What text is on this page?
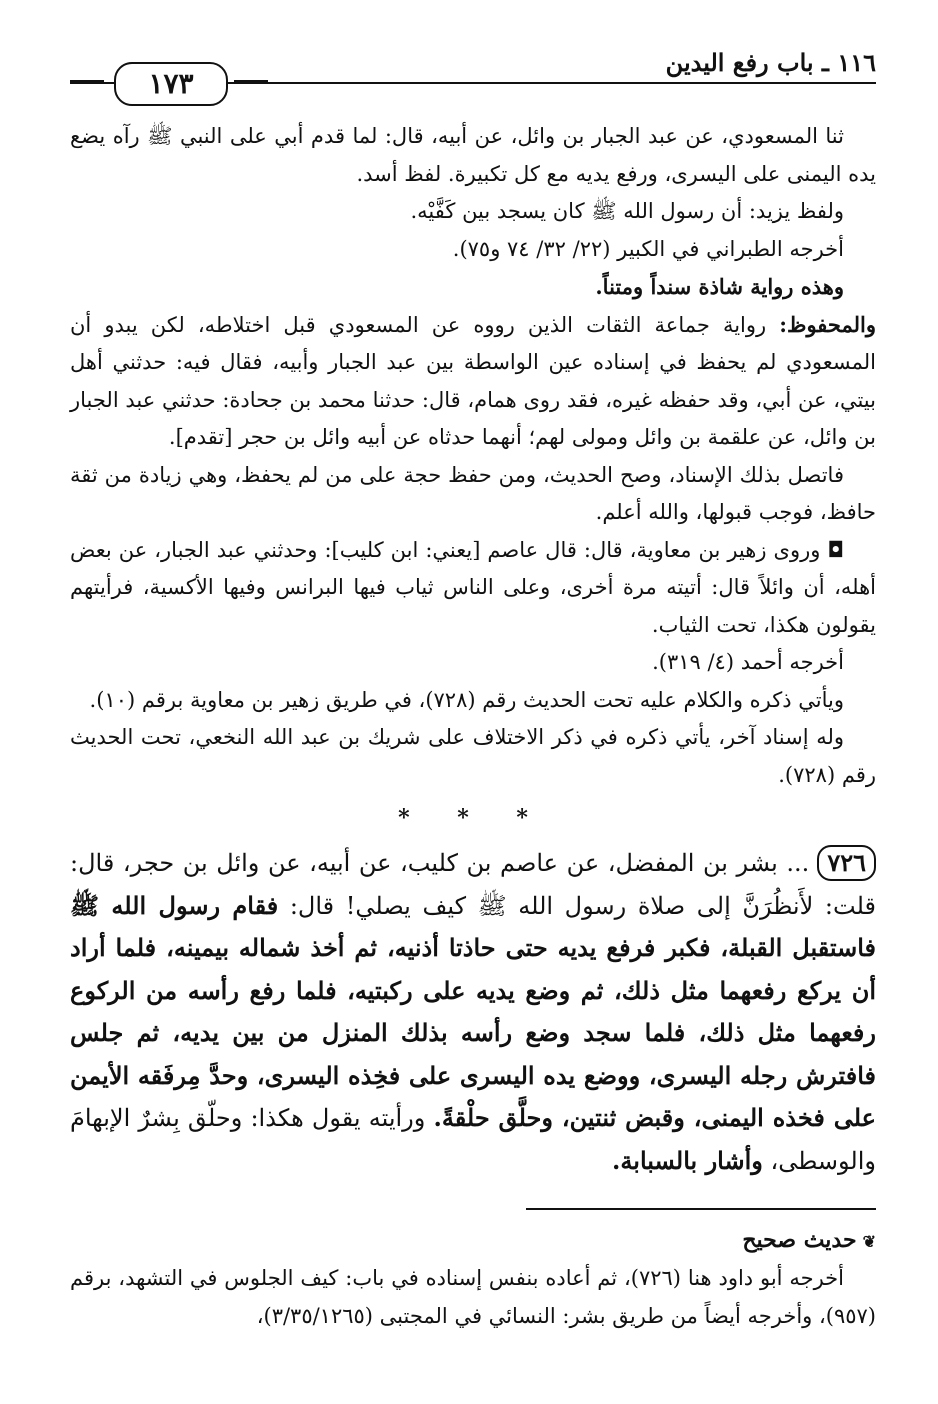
١١٦ ـ باب رفع اليدين
١٧٣

ثنا المسعودي، عن عبد الجبار بن وائل، عن أبيه، قال: لما قدم أبي على النبي ﷺ رآه يضع يده اليمنى على اليسرى، ورفع يديه مع كل تكبيرة. لفظ أسد.

ولفظ يزيد: أن رسول الله ﷺ كان يسجد بين كَفَّيْه.

أخرجه الطبراني في الكبير (٢٢/ ٣٢/ ٧٤ و٧٥).

وهذه رواية شاذة سنداً ومتناً.

والمحفوظ: رواية جماعة الثقات الذين رووه عن المسعودي قبل اختلاطه، لكن يبدو أن المسعودي لم يحفظ في إسناده عين الواسطة بين عبد الجبار وأبيه، فقال فيه: حدثني أهل بيتي، عن أبي، وقد حفظه غيره، فقد روى همام، قال: حدثنا محمد بن جحادة: حدثني عبد الجبار بن وائل، عن علقمة بن وائل ومولى لهم؛ أنهما حدثاه عن أبيه وائل بن حجر [تقدم].

فاتصل بذلك الإسناد، وصح الحديث، ومن حفظ حجة على من لم يحفظ، وهي زيادة من ثقة حافظ، فوجب قبولها، والله أعلم.

◘ وروى زهير بن معاوية، قال: قال عاصم [يعني: ابن كليب]: وحدثني عبد الجبار، عن بعض أهله، أن وائلاً قال: أتيته مرة أخرى، وعلى الناس ثياب فيها البرانس وفيها الأكسية، فرأيتهم يقولون هكذا، تحت الثياب.

أخرجه أحمد (٤/ ٣١٩).

ويأتي ذكره والكلام عليه تحت الحديث رقم (٧٢٨)، في طريق زهير بن معاوية برقم (١٠).

وله إسناد آخر، يأتي ذكره في ذكر الاختلاف على شريك بن عبد الله النخعي، تحت الحديث رقم (٧٢٨).

* * *

٧٢٦... بشر بن المفضل، عن عاصم بن كليب، عن أبيه، عن وائل بن حجر، قال: قلت: لأَنظُرَنَّ إلى صلاة رسول الله ﷺ كيف يصلي! قال: فقام رسول الله ﷺ فاستقبل القبلة، فكبر فرفع يديه حتى حاذتا أذنيه، ثم أخذ شماله بيمينه، فلما أراد أن يركع رفعهما مثل ذلك، ثم وضع يديه على ركبتيه، فلما رفع رأسه من الركوع رفعهما مثل ذلك، فلما سجد وضع رأسه بذلك المنزل من بين يديه، ثم جلس فافترش رجله اليسرى، ووضع يده اليسرى على فخِذه اليسرى، وحدَّ مِرفَقه الأيمن على فخذه اليمنى، وقبض ثنتين، وحلَّق حلْقةً. ورأيته يقول هكذا: وحلّق بِشرٌ الإبهامَ والوسطى، وأشار بالسبابة.

❦حديث صحيح

أخرجه أبو داود هنا (٧٢٦)، ثم أعاده بنفس إسناده في باب: كيف الجلوس في التشهد، برقم (٩٥٧)، وأخرجه أيضاً من طريق بشر: النسائي في المجتبى (٣/٣٥/١٢٦٥)،
